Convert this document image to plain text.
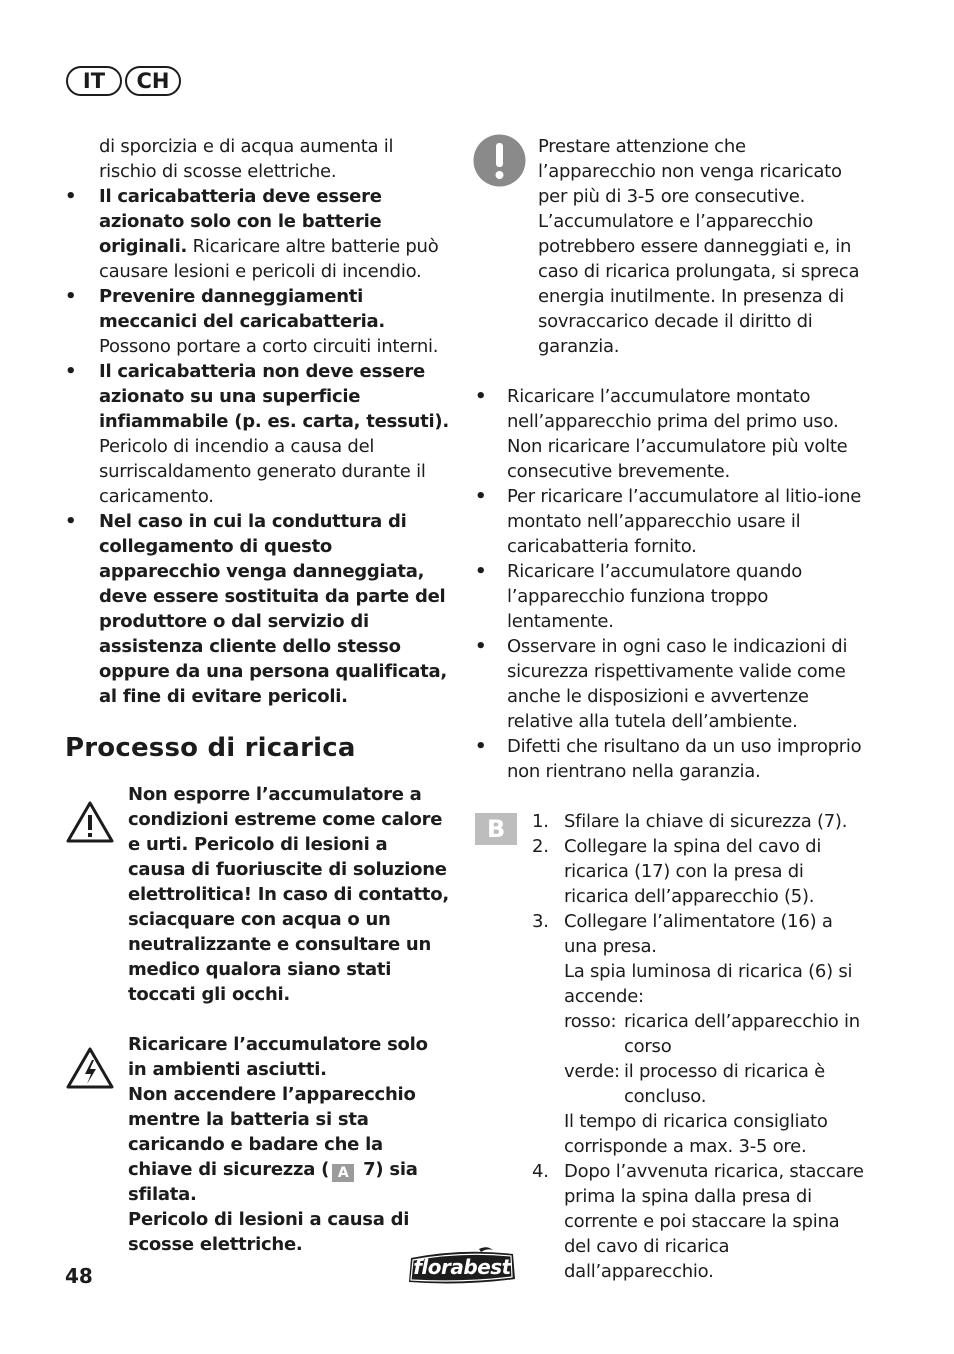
IT	CH

di sporcizia e di acqua aumenta il rischio di scosse elettriche.

• Il caricabatteria deve essere azionato solo con le batterie originali. Ricaricare altre batterie può causare lesioni e pericoli di incendio.
• Prevenire danneggiamenti meccanici del caricabatteria. Possono portare a corto circuiti interni.
• Il caricabatteria non deve essere azionato su una superficie infiammabile (p. es. carta, tessuti). Pericolo di incendio a causa del surriscaldamento generato durante il caricamento.
• Nel caso in cui la conduttura di collegamento di questo apparecchio venga danneggiata, deve essere sostituita da parte del produttore o dal servizio di assistenza cliente dello stesso oppure da una persona qualificata, al fine di evitare pericoli.
Processo di ricarica

Non esporre l’accumulatore a condizioni estreme come calore e urti. Pericolo di lesioni a causa di fuoriuscite di soluzione elettrolitica! In caso di contatto, sciacquare con acqua o un neutralizzante e consultare un medico qualora siano stati toccati gli occhi.

Ricaricare l’accumulatore solo in ambienti asciutti.

Non accendere l’apparecchio mentre la batteria si sta caricando e badare che la chiave di sicurezza ( A 7) sia sfilata.

Pericolo di lesioni a causa di scosse elettriche.

Prestare attenzione che l’apparecchio non venga ricaricato per più di 3-5 ore consecutive. L’accumulatore e l’apparecchio potrebbero essere danneggiati e, in caso di ricarica prolungata, si spreca energia inutilmente. In presenza di sovraccarico decade il diritto di garanzia.

• Ricaricare l’accumulatore montato nell’apparecchio prima del primo uso. Non ricaricare l’accumulatore più volte consecutive brevemente.
• Per ricaricare l’accumulatore al litio-ione montato nell’apparecchio usare il caricabatteria fornito.
• Ricaricare l’accumulatore quando l’apparecchio funziona troppo lentamente.
• Osservare in ogni caso le indicazioni di sicurezza rispettivamente valide come anche le disposizioni e avvertenze relative alla tutela dell’ambiente.
• Difetti che risultano da un uso improprio non rientrano nella garanzia.
B	1. Sfilare la chiave di sicurezza (7).
2. Collegare la spina del cavo di ricarica (17) con la presa di ricarica dell’apparecchio (5).
3. Collegare l’alimentatore (16) a una presa.

La spia luminosa di ricarica (6) si accende:

rosso: ricarica dell’apparecchio in corso
verde: il processo di ricarica è concluso.

Il tempo di ricarica consigliato corrisponde a max. 3-5 ore.

4. Dopo l’avvenuta ricarica, staccare prima la spina dalla presa di corrente e poi staccare la spina del cavo di ricarica dall’apparecchio.
48	florabest
